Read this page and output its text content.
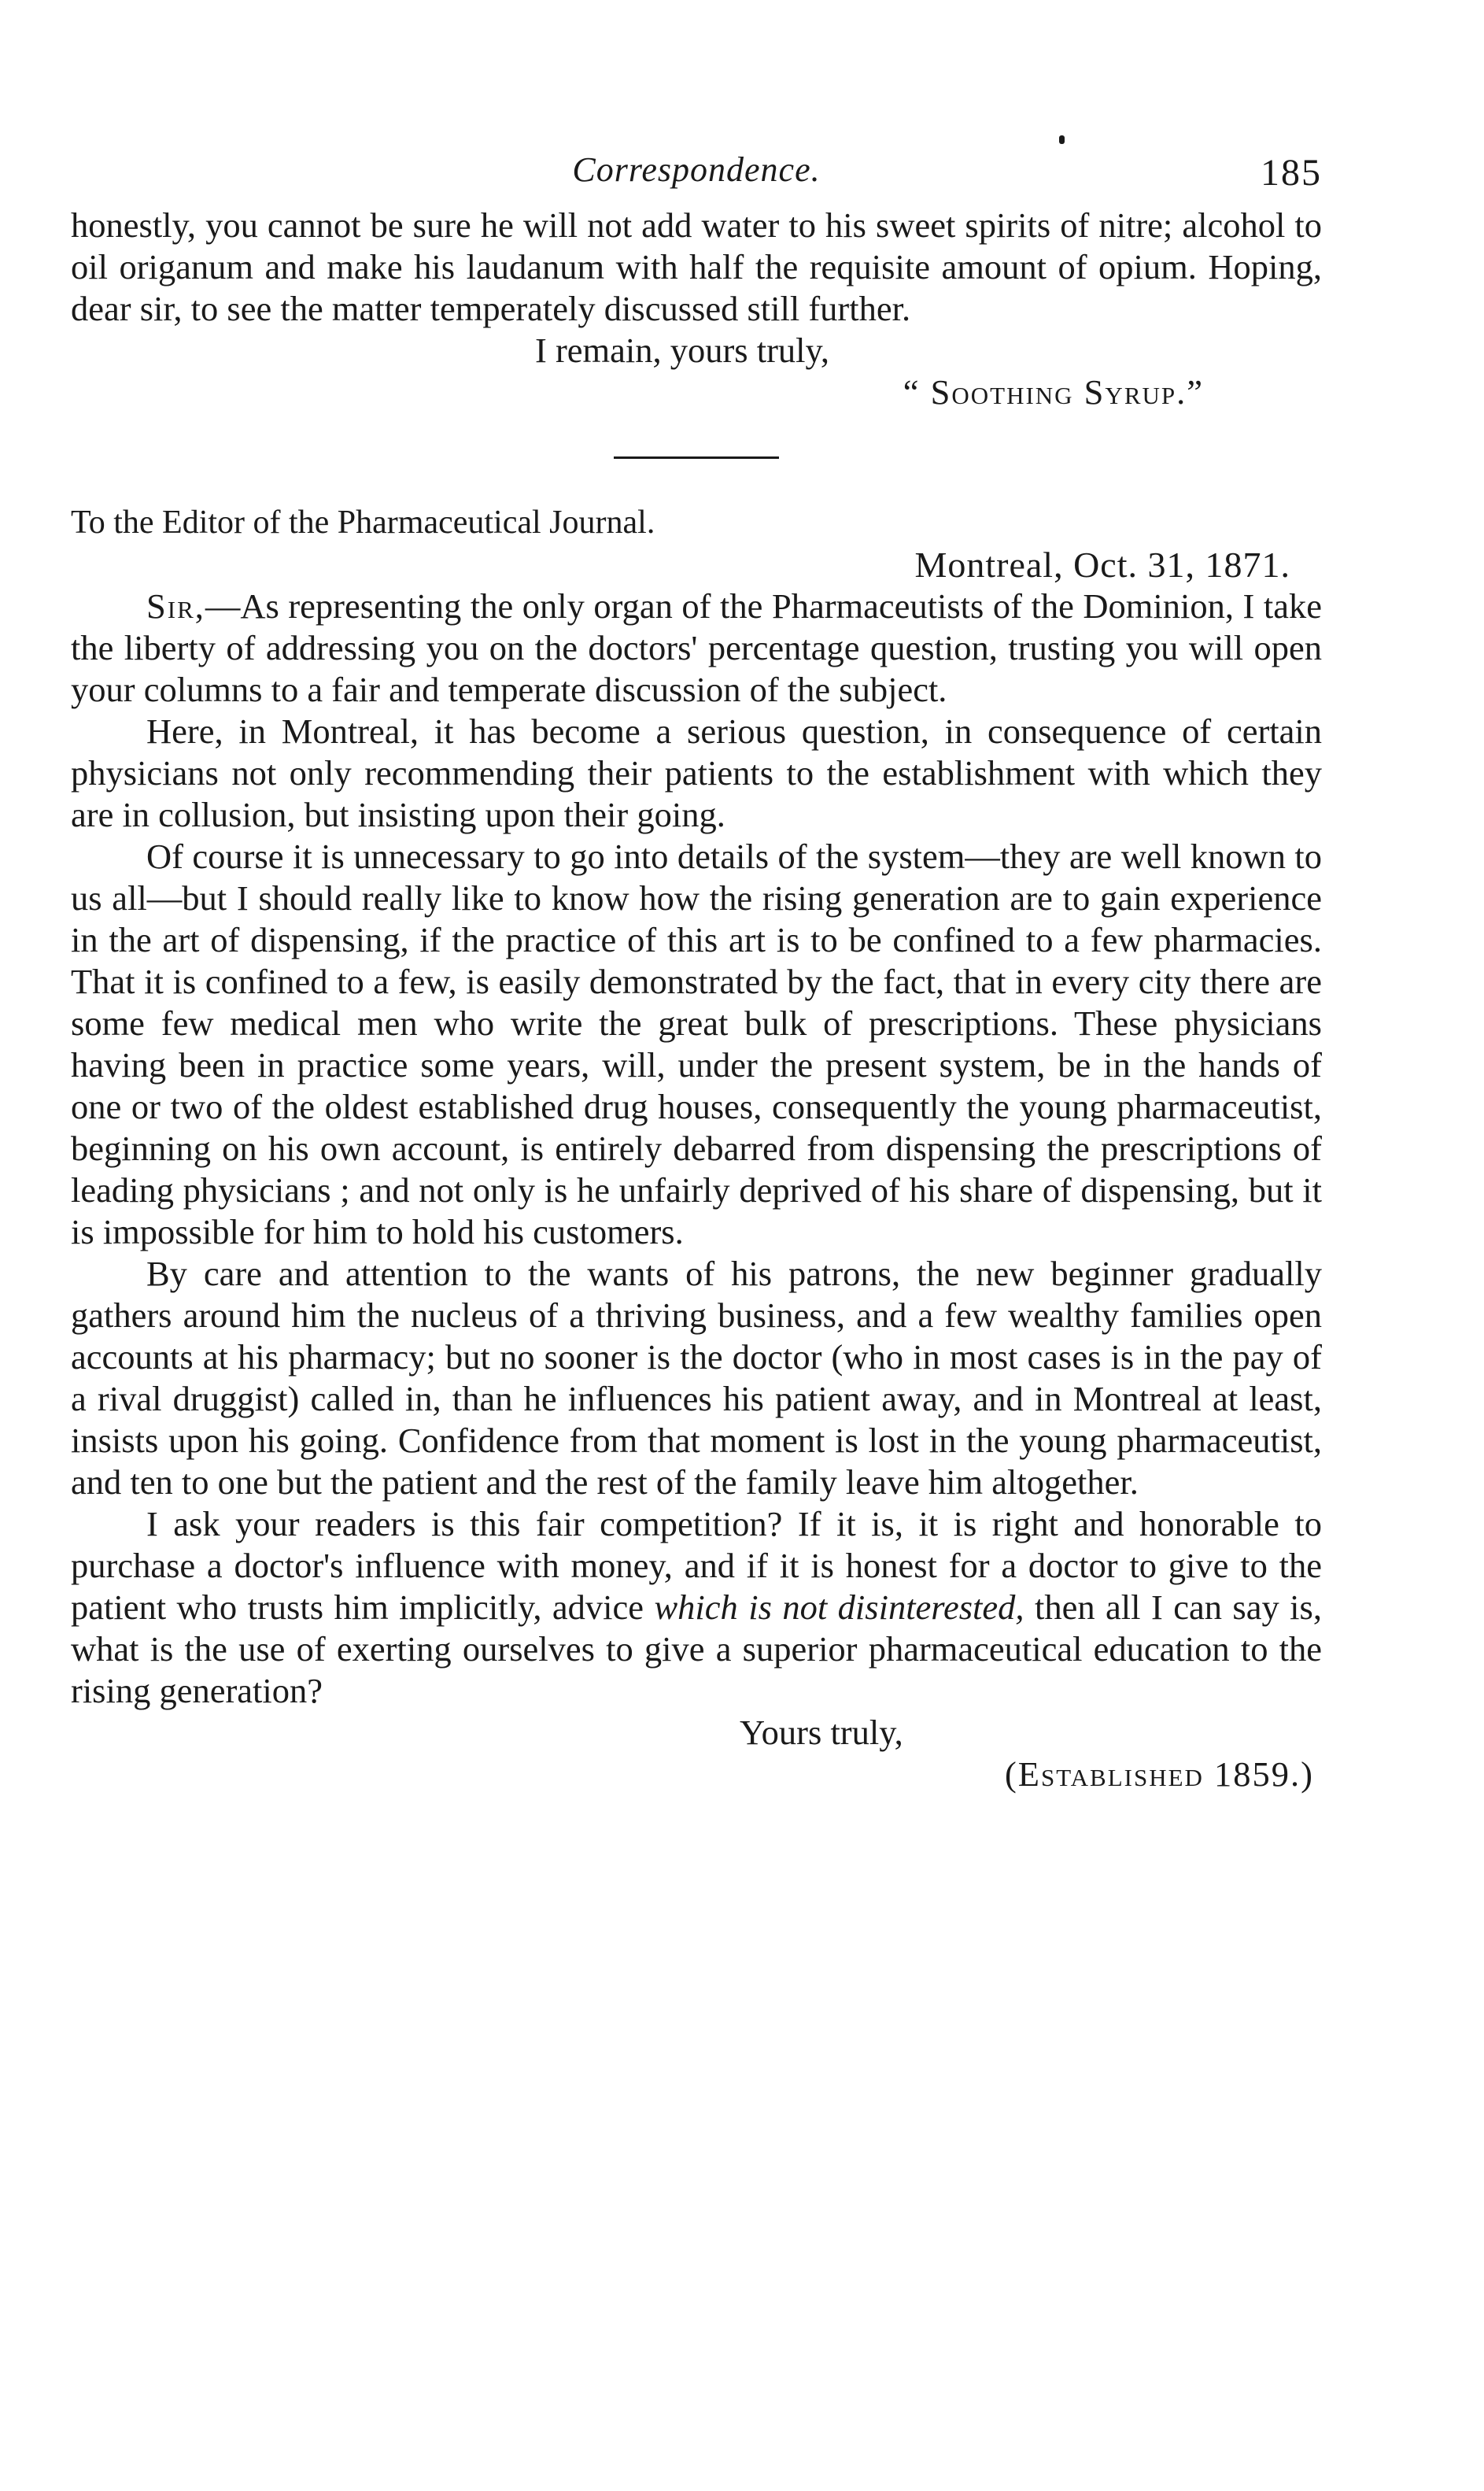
Correspondence.	185

honestly, you cannot be sure he will not add water to his sweet spirits of nitre; alcohol to oil origanum and make his laudanum with half the requisite amount of opium. Hoping, dear sir, to see the matter temperately discussed still further.

I remain, yours truly,

“ Soothing Syrup.”

To the Editor of the Pharmaceutical Journal.

Montreal, Oct. 31, 1871.

Sir,—As representing the only organ of the Pharmaceutists of the Dominion, I take the liberty of addressing you on the doctors' percentage question, trusting you will open your columns to a fair and temperate discussion of the subject.

Here, in Montreal, it has become a serious question, in consequence of certain physicians not only recommending their patients to the establishment with which they are in collusion, but insisting upon their going.

Of course it is unnecessary to go into details of the system—they are well known to us all—but I should really like to know how the rising generation are to gain experience in the art of dispensing, if the practice of this art is to be confined to a few pharmacies. That it is confined to a few, is easily demonstrated by the fact, that in every city there are some few medical men who write the great bulk of prescriptions. These physicians having been in practice some years, will, under the present system, be in the hands of one or two of the oldest established drug houses, consequently the young pharmaceutist, beginning on his own account, is entirely debarred from dispensing the prescriptions of leading physicians ; and not only is he unfairly deprived of his share of dispensing, but it is impossible for him to hold his customers.

By care and attention to the wants of his patrons, the new beginner gradually gathers around him the nucleus of a thriving business, and a few wealthy families open accounts at his pharmacy; but no sooner is the doctor (who in most cases is in the pay of a rival druggist) called in, than he influences his patient away, and in Montreal at least, insists upon his going. Confidence from that moment is lost in the young pharmaceutist, and ten to one but the patient and the rest of the family leave him altogether.

I ask your readers is this fair competition? If it is, it is right and honorable to purchase a doctor's influence with money, and if it is honest for a doctor to give to the patient who trusts him implicitly, advice which is not disinterested, then all I can say is, what is the use of exerting ourselves to give a superior pharmaceutical education to the rising generation?

Yours truly,

(Established 1859.)
